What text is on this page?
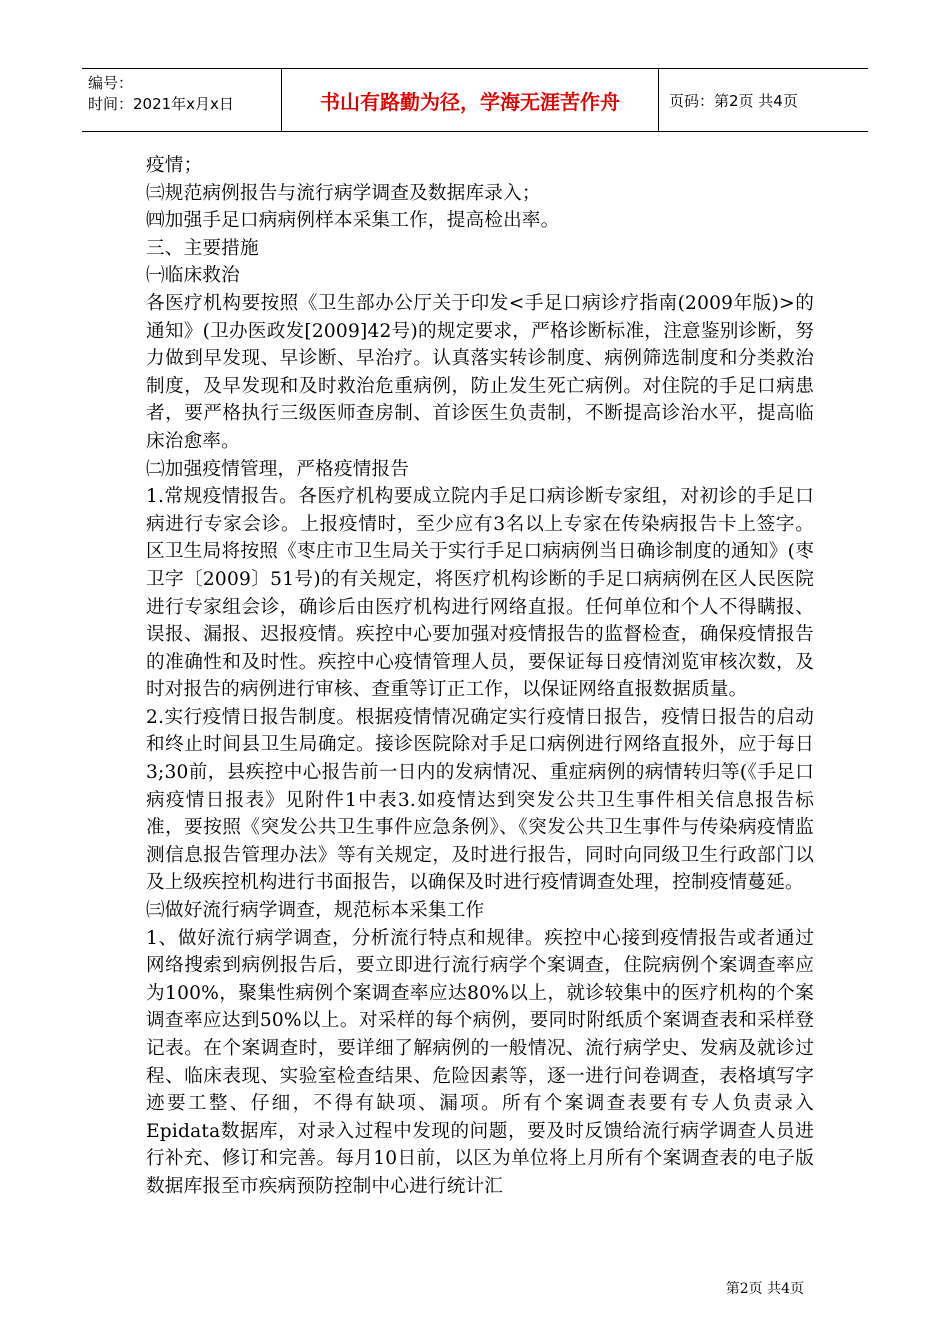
编号：
时间：2021年x月x日	书山有路勤为径，学海无涯苦作舟	页码：第2页 共4页

疫情；

㈢规范病例报告与流行病学调查及数据库录入；

㈣加强手足口病病例样本采集工作，提高检出率。

三、主要措施

㈠临床救治

各医疗机构要按照《卫生部办公厅关于印发<手足口病诊疗指南(2009年版)>的通知》(卫办医政发[2009]42号)的规定要求，严格诊断标准，注意鉴别诊断，努力做到早发现、早诊断、早治疗。认真落实转诊制度、病例筛选制度和分类救治制度，及早发现和及时救治危重病例，防止发生死亡病例。对住院的手足口病患者，要严格执行三级医师查房制、首诊医生负责制，不断提高诊治水平，提高临床治愈率。

㈡加强疫情管理，严格疫情报告

1.常规疫情报告。各医疗机构要成立院内手足口病诊断专家组，对初诊的手足口病进行专家会诊。上报疫情时，至少应有3名以上专家在传染病报告卡上签字。区卫生局将按照《枣庄市卫生局关于实行手足口病病例当日确诊制度的通知》(枣卫字〔2009〕51号)的有关规定，将医疗机构诊断的手足口病病例在区人民医院进行专家组会诊，确诊后由医疗机构进行网络直报。任何单位和个人不得瞒报、误报、漏报、迟报疫情。疾控中心要加强对疫情报告的监督检查，确保疫情报告的准确性和及时性。疾控中心疫情管理人员，要保证每日疫情浏览审核次数，及时对报告的病例进行审核、查重等订正工作，以保证网络直报数据质量。

2.实行疫情日报告制度。根据疫情情况确定实行疫情日报告，疫情日报告的启动和终止时间县卫生局确定。接诊医院除对手足口病例进行网络直报外，应于每日3;30前，县疾控中心报告前一日内的发病情况、重症病例的病情转归等(《手足口病疫情日报表》见附件1中表3.如疫情达到突发公共卫生事件相关信息报告标准，要按照《突发公共卫生事件应急条例》、《突发公共卫生事件与传染病疫情监测信息报告管理办法》等有关规定，及时进行报告，同时向同级卫生行政部门以及上级疾控机构进行书面报告，以确保及时进行疫情调查处理，控制疫情蔓延。

㈢做好流行病学调查，规范标本采集工作

1、做好流行病学调查，分析流行特点和规律。疾控中心接到疫情报告或者通过网络搜索到病例报告后，要立即进行流行病学个案调查，住院病例个案调查率应为100%，聚集性病例个案调查率应达80%以上，就诊较集中的医疗机构的个案调查率应达到50%以上。对采样的每个病例，要同时附纸质个案调查表和采样登记表。在个案调查时，要详细了解病例的一般情况、流行病学史、发病及就诊过程、临床表现、实验室检查结果、危险因素等，逐一进行问卷调查，表格填写字迹要工整、仔细，不得有缺项、漏项。所有个案调查表要有专人负责录入Epidata数据库，对录入过程中发现的问题，要及时反馈给流行病学调查人员进行补充、修订和完善。每月10日前，以区为单位将上月所有个案调查表的电子版数据库报至市疾病预防控制中心进行统计汇

第2页 共4页
